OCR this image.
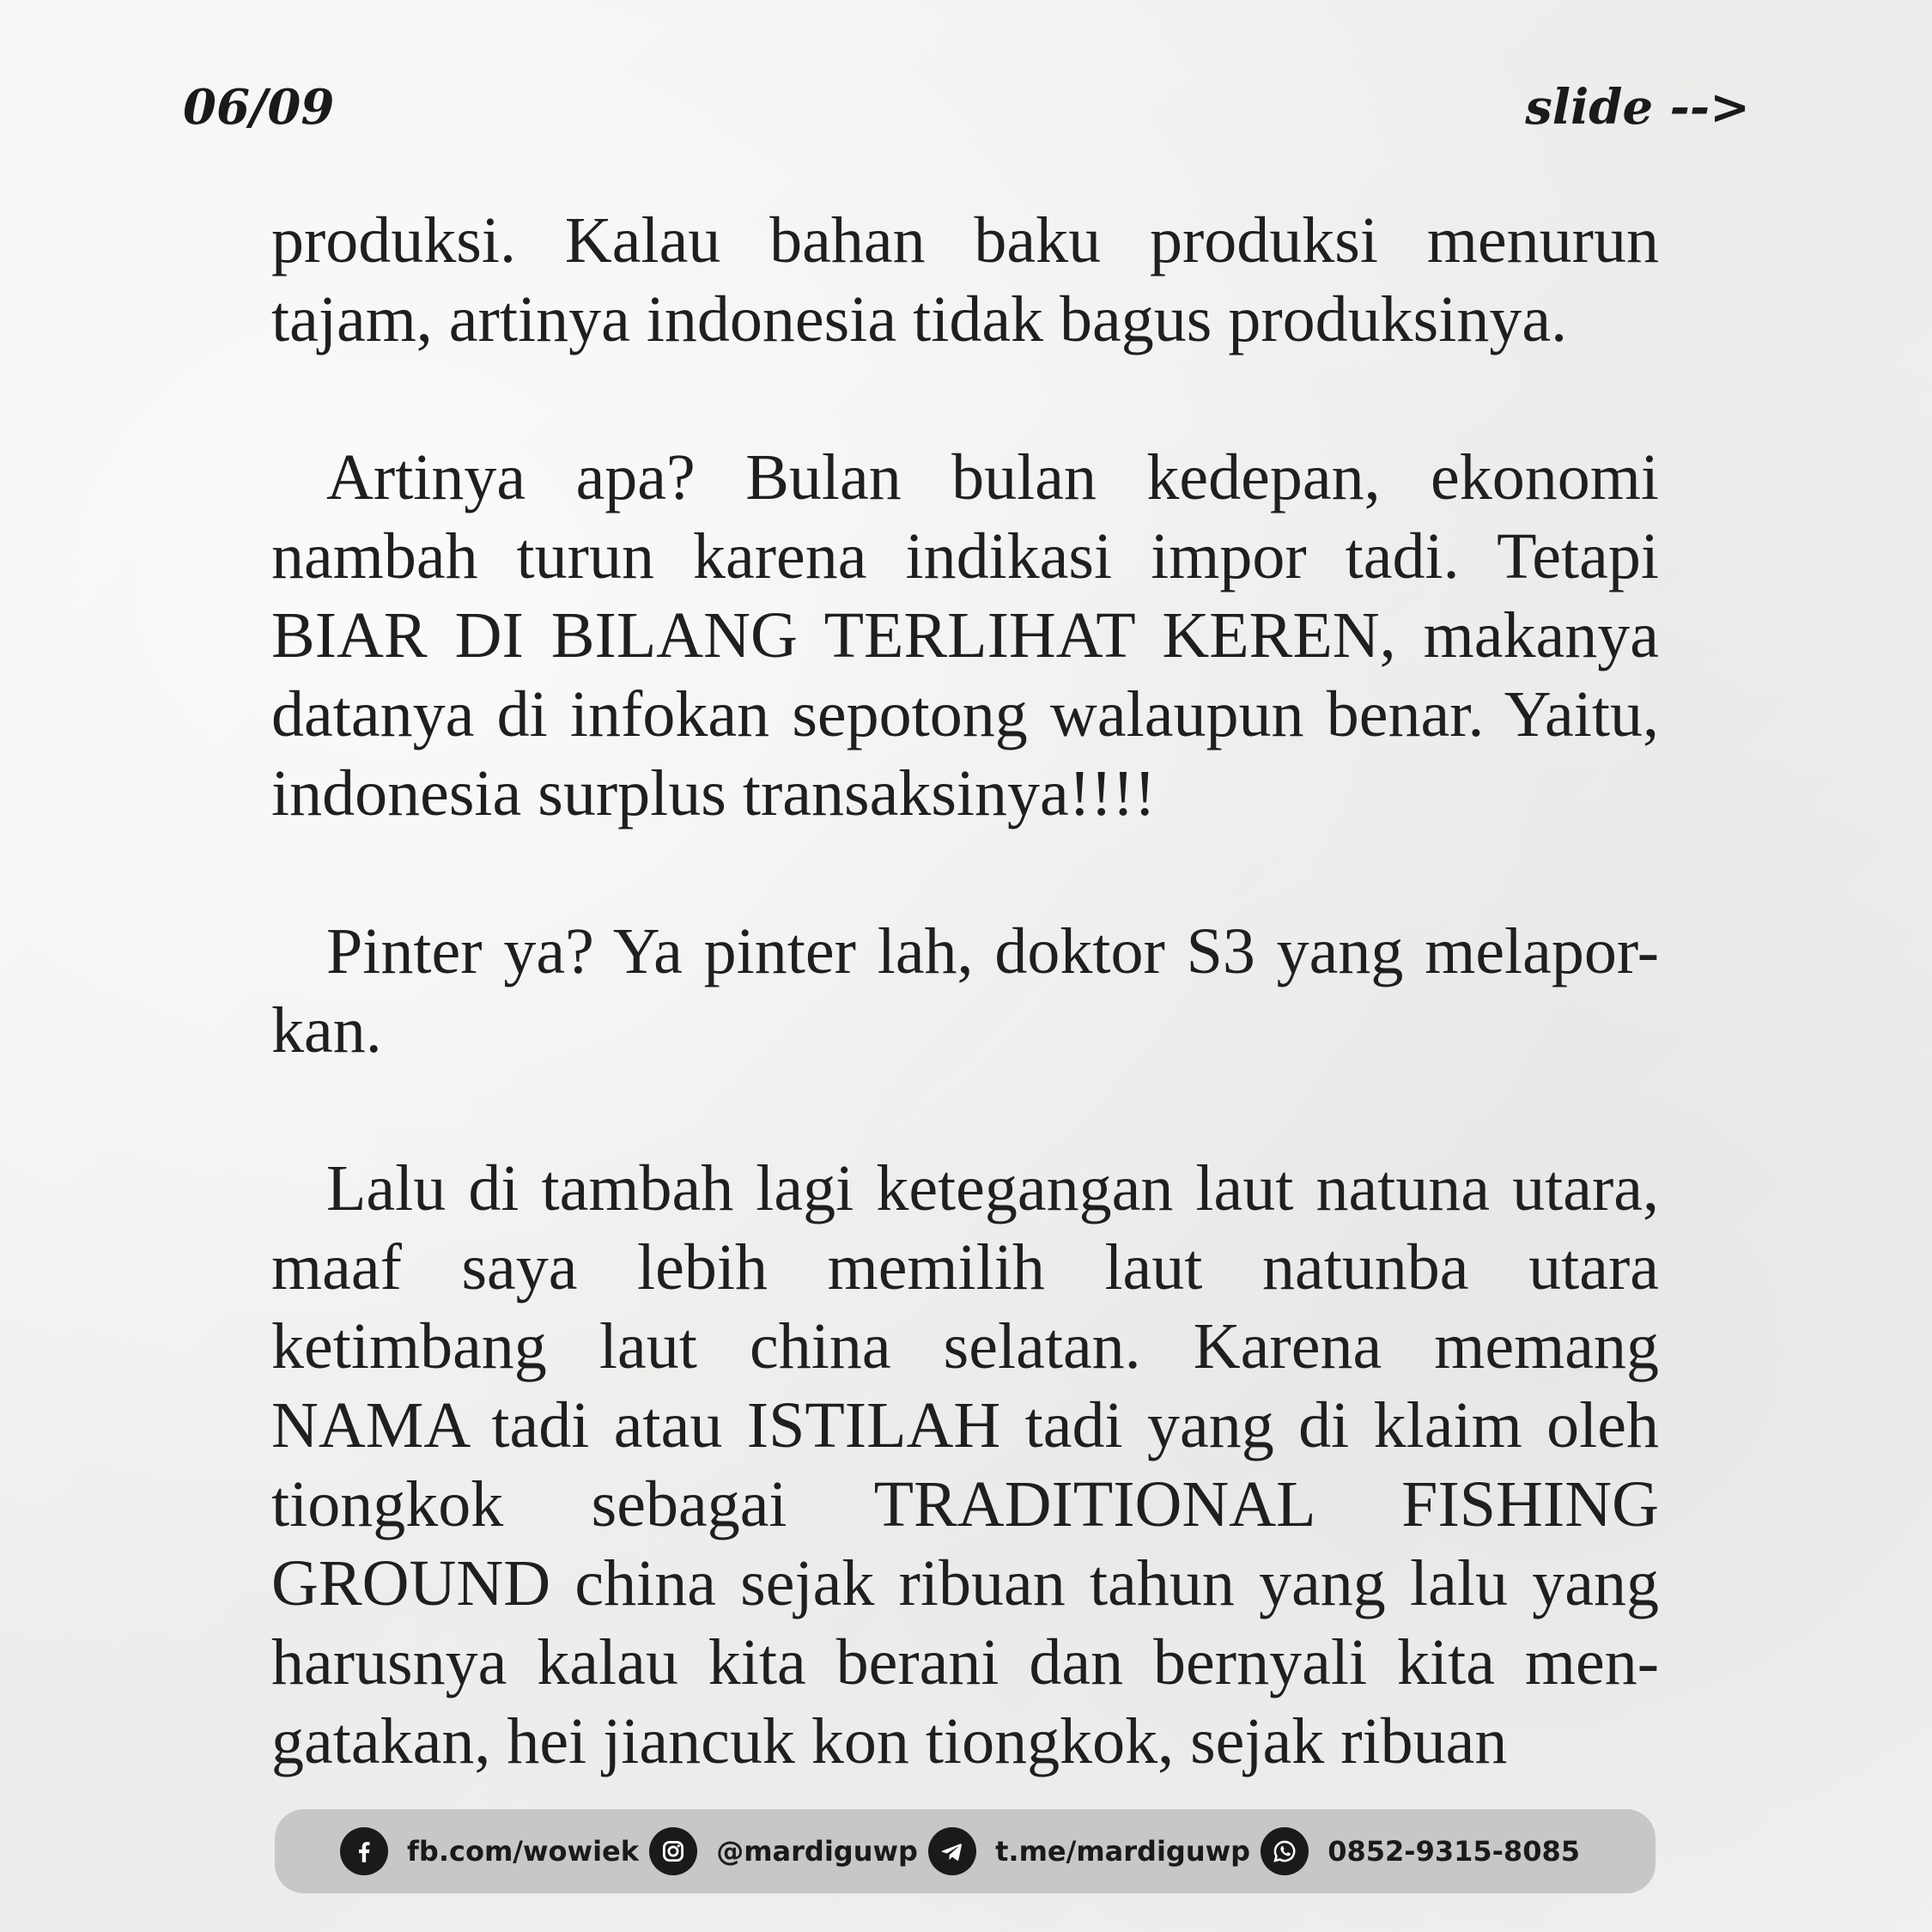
06/09	slide -->

produksi. Kalau bahan baku produksi menurun tajam, artinya indonesia tidak bagus produksinya.

Artinya apa? Bulan bulan kedepan, ekonomi nambah turun karena indikasi impor tadi. Tetapi BIAR DI BILANG TERLIHAT KEREN, makanya datanya di infokan sepotong walaupun benar. Yaitu, indonesia surplus transaksinya!!!!

Pinter ya? Ya pinter lah, doktor S3 yang melapor-kan.

Lalu di tambah lagi ketegangan laut natuna utara, maaf saya lebih memilih laut natunba utara ketimbang laut china selatan. Karena memang NAMA tadi atau ISTILAH tadi yang di klaim oleh tiongkok sebagai TRADITIONAL FISHING GROUND china sejak ribuan tahun yang lalu yang harusnya kalau kita berani dan bernyali kita men-gatakan, hei jiancuk kon tiongkok, sejak ribuan

fb.com/wowiek	@mardiguwp	t.me/mardiguwp	0852-9315-8085
